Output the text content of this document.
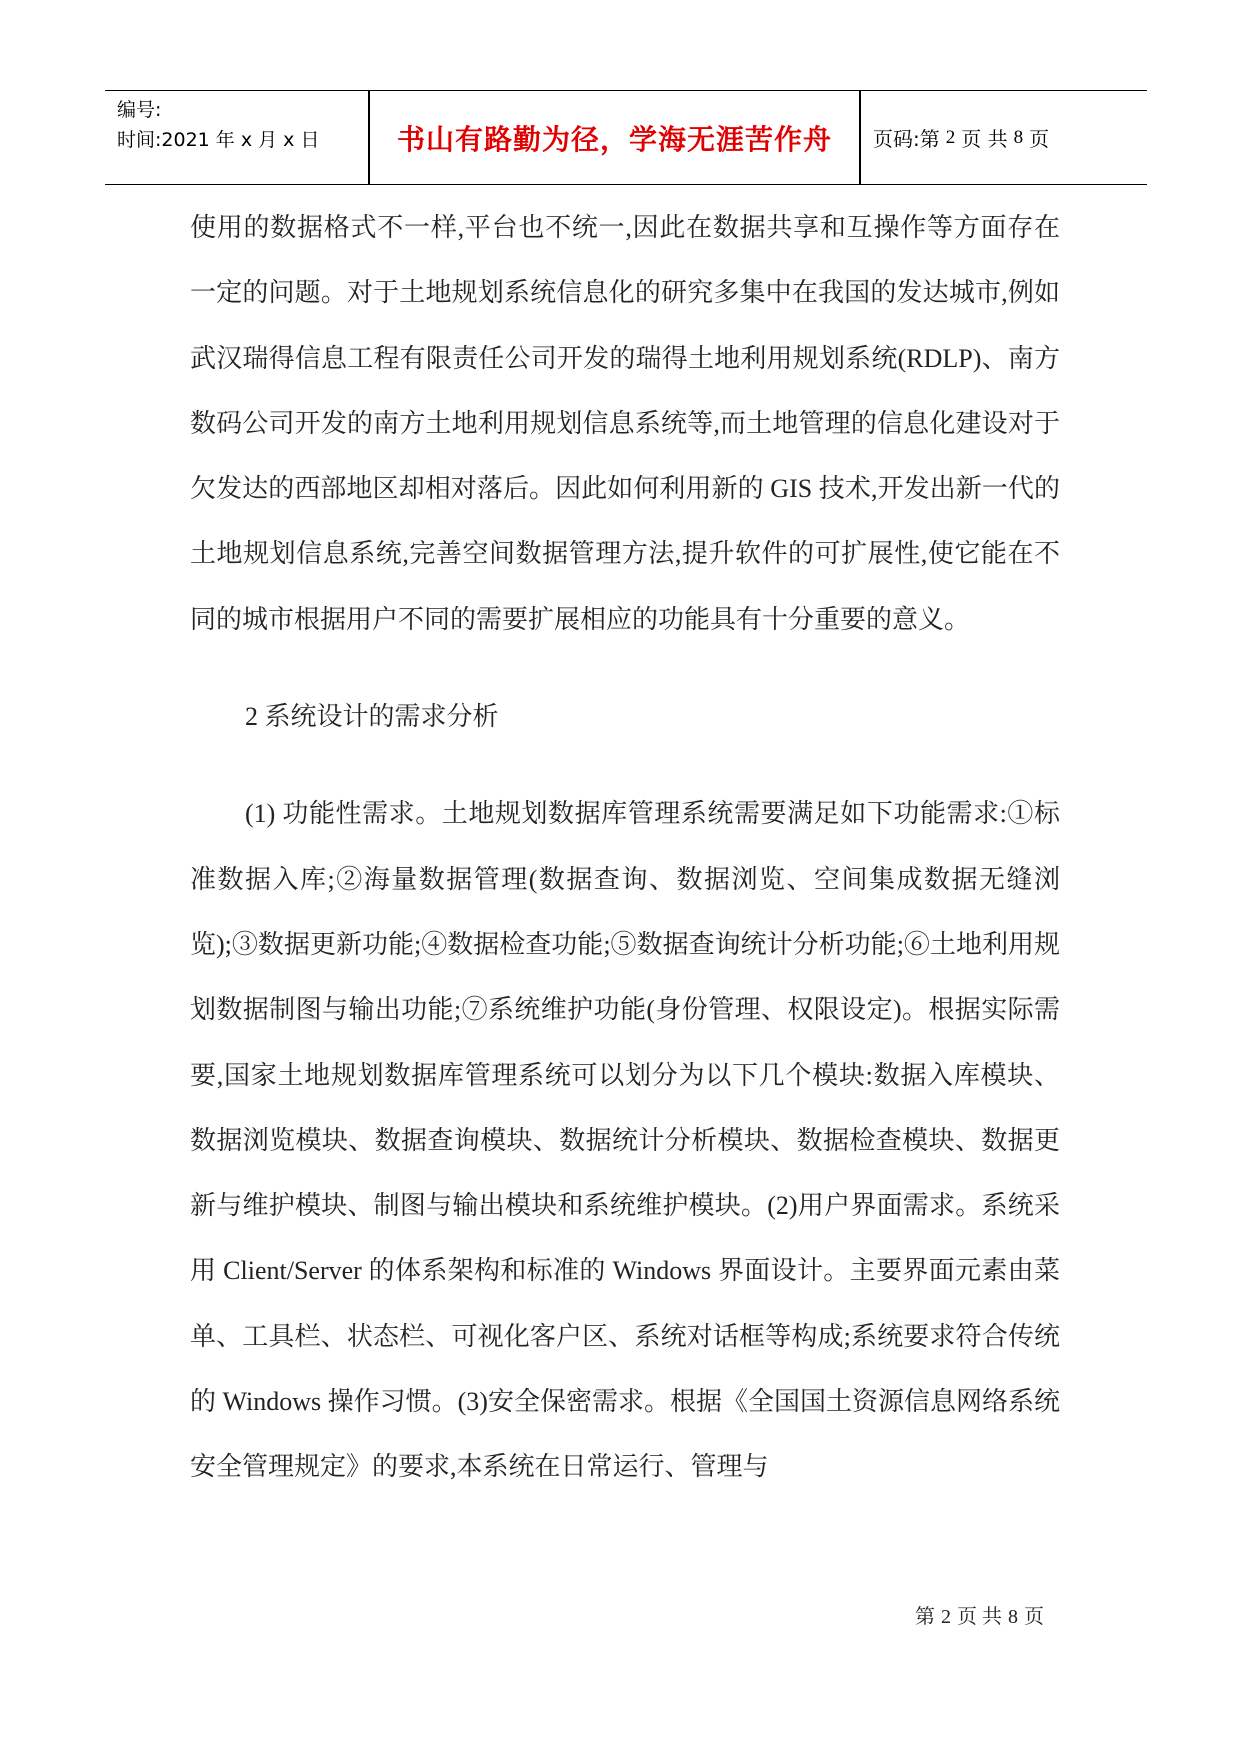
编号:
时间:2021 年 x 月 x 日	书山有路勤为径，学海无涯苦作舟	页码:第 2 页 共 8 页

使用的数据格式不一样,平台也不统一,因此在数据共享和互操作等方面存在一定的问题。对于土地规划系统信息化的研究多集中在我国的发达城市,例如武汉瑞得信息工程有限责任公司开发的瑞得土地利用规划系统(RDLP)、南方数码公司开发的南方土地利用规划信息系统等,而土地管理的信息化建设对于欠发达的西部地区却相对落后。因此如何利用新的 GIS 技术,开发出新一代的土地规划信息系统,完善空间数据管理方法,提升软件的可扩展性,使它能在不同的城市根据用户不同的需要扩展相应的功能具有十分重要的意义。

2 系统设计的需求分析

(1) 功能性需求。土地规划数据库管理系统需要满足如下功能需求:①标准数据入库;②海量数据管理(数据查询、数据浏览、空间集成数据无缝浏览);③数据更新功能;④数据检查功能;⑤数据查询统计分析功能;⑥土地利用规划数据制图与输出功能;⑦系统维护功能(身份管理、权限设定)。根据实际需要,国家土地规划数据库管理系统可以划分为以下几个模块:数据入库模块、数据浏览模块、数据查询模块、数据统计分析模块、数据检查模块、数据更新与维护模块、制图与输出模块和系统维护模块。(2)用户界面需求。系统采用 Client/Server 的体系架构和标准的 Windows 界面设计。主要界面元素由菜单、工具栏、状态栏、可视化客户区、系统对话框等构成;系统要求符合传统的 Windows 操作习惯。(3)安全保密需求。根据《全国国土资源信息网络系统安全管理规定》的要求,本系统在日常运行、管理与

第 2 页 共 8 页
